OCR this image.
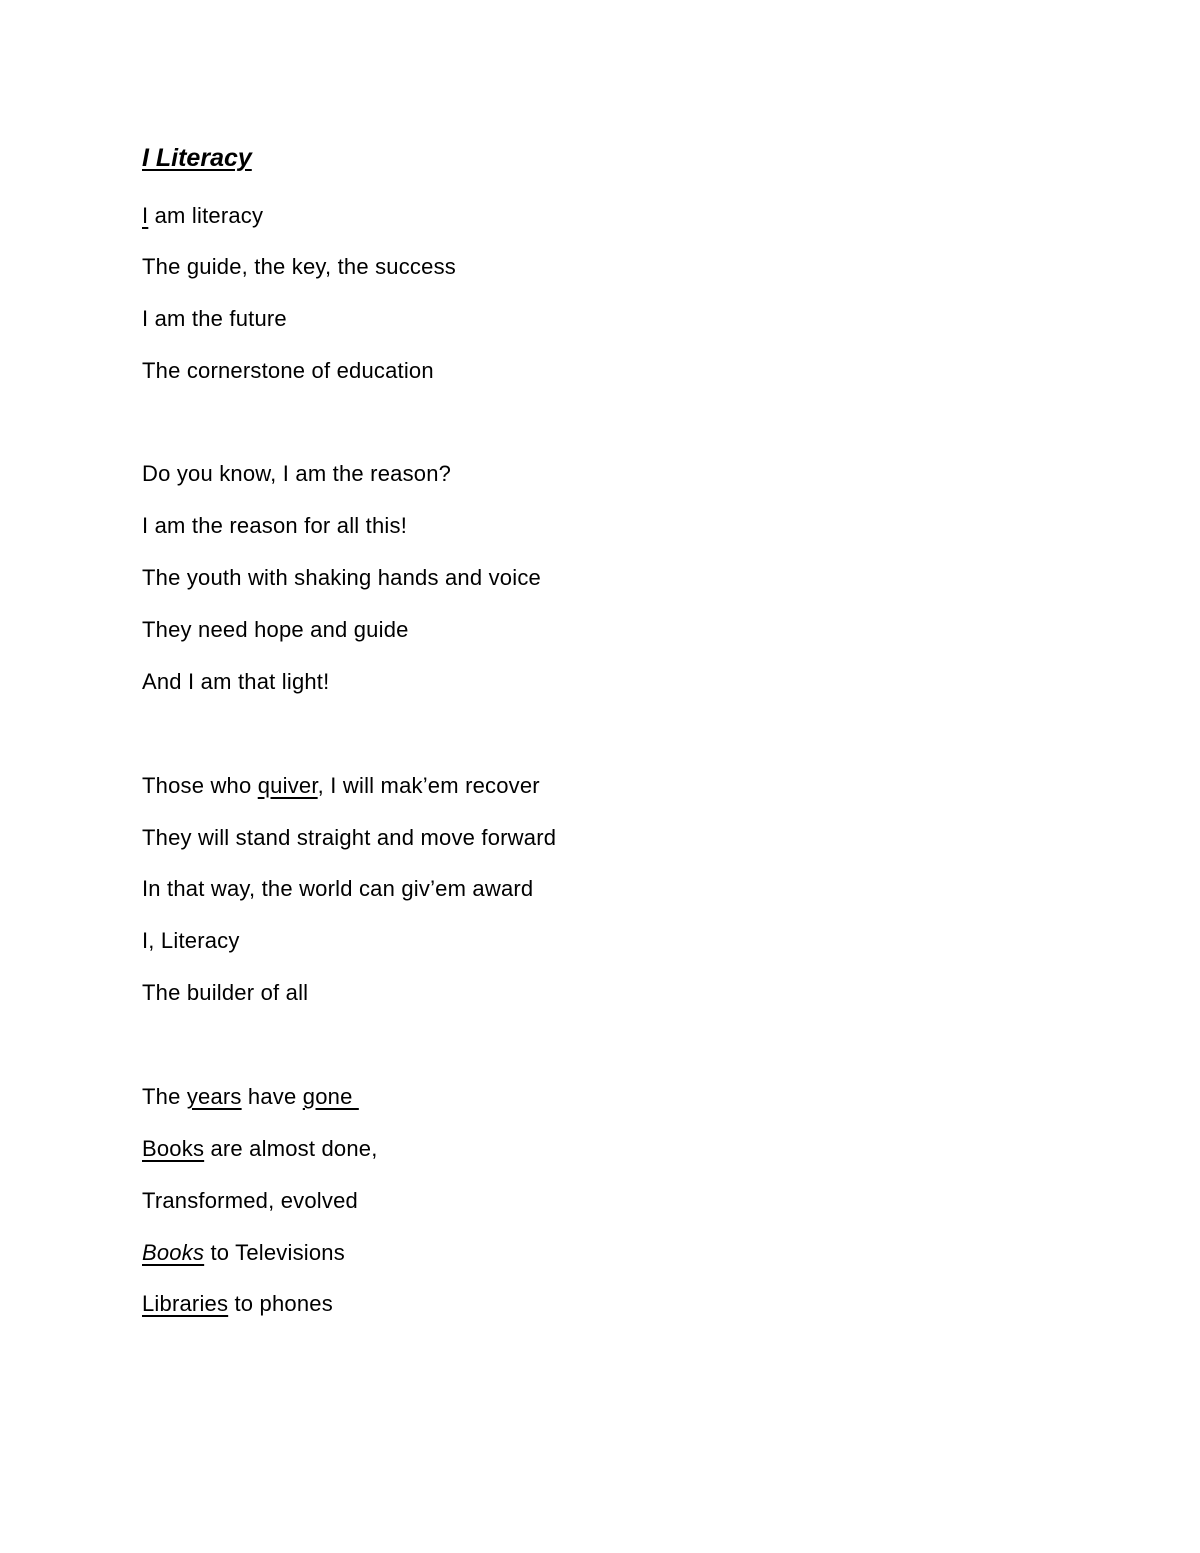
I Literacy

I am literacy

The guide, the key, the success

I am the future

The cornerstone of education

Do you know, I am the reason?

I am the reason for all this!

The youth with shaking hands and voice

They need hope and guide

And I am that light!

Those who quiver, I will mak’em recover

They will stand straight and move forward

In that way, the world can giv’em award

I, Literacy

The builder of all

The years have gone

Books are almost done,

Transformed, evolved

Books to Televisions

Libraries to phones
